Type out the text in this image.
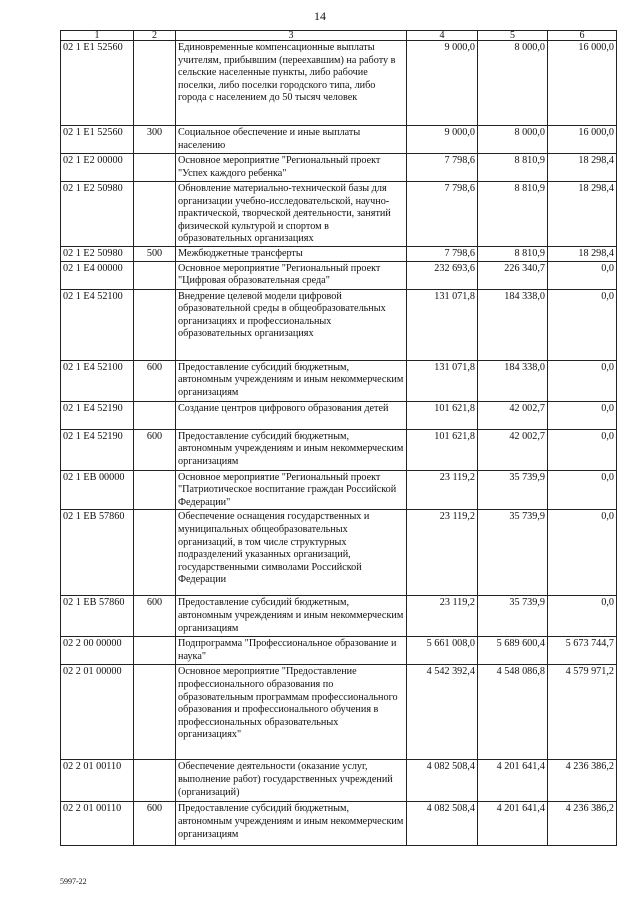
14
1	2	3	4	5	6
02 1 E1 52560		Единовременные компенсационные выплаты учителям, прибывшим (переехавшим) на работу в сельские населенные пункты, либо рабочие поселки, либо поселки городского типа, либо города с населением до 50 тысяч человек	9 000,0	8 000,0	16 000,0
02 1 E1 52560	300	Социальное обеспечение и иные выплаты населению	9 000,0	8 000,0	16 000,0
02 1 E2 00000		Основное мероприятие "Региональный проект "Успех каждого ребенка"	7 798,6	8 810,9	18 298,4
02 1 E2 50980		Обновление материально-технической базы для организации учебно-исследовательской, научно-практической, творческой деятельности, занятий физической культурой и спортом в образовательных организациях	7 798,6	8 810,9	18 298,4
02 1 E2 50980	500	Межбюджетные трансферты	7 798,6	8 810,9	18 298,4
02 1 E4 00000		Основное мероприятие "Региональный проект "Цифровая образовательная среда"	232 693,6	226 340,7	0,0
02 1 E4 52100		Внедрение целевой модели цифровой образовательной среды в общеобразовательных организациях и профессиональных образовательных организациях	131 071,8	184 338,0	0,0
02 1 E4 52100	600	Предоставление субсидий бюджетным, автономным учреждениям и иным некоммерческим организациям	131 071,8	184 338,0	0,0
02 1 E4 52190		Создание центров цифрового образования детей	101 621,8	42 002,7	0,0
02 1 E4 52190	600	Предоставление субсидий бюджетным, автономным учреждениям и иным некоммерческим организациям	101 621,8	42 002,7	0,0
02 1 EB 00000		Основное мероприятие "Региональный проект "Патриотическое воспитание граждан Российской Федерации"	23 119,2	35 739,9	0,0
02 1 EB 57860		Обеспечение оснащения государственных и муниципальных общеобразовательных организаций, в том числе структурных подразделений указанных организаций, государственными символами Российской Федерации	23 119,2	35 739,9	0,0
02 1 EB 57860	600	Предоставление субсидий бюджетным, автономным учреждениям и иным некоммерческим организациям	23 119,2	35 739,9	0,0
02 2 00 00000		Подпрограмма "Профессиональное образование и наука"	5 661 008,0	5 689 600,4	5 673 744,7
02 2 01 00000		Основное мероприятие "Предоставление профессионального образования по образовательным программам профессионального образования и профессионального обучения в профессиональных образовательных организациях"	4 542 392,4	4 548 086,8	4 579 971,2
02 2 01 00110		Обеспечение деятельности (оказание услуг, выполнение работ) государственных учреждений (организаций)	4 082 508,4	4 201 641,4	4 236 386,2
02 2 01 00110	600	Предоставление субсидий бюджетным, автономным учреждениям и иным некоммерческим организациям	4 082 508,4	4 201 641,4	4 236 386,2
5997-22
